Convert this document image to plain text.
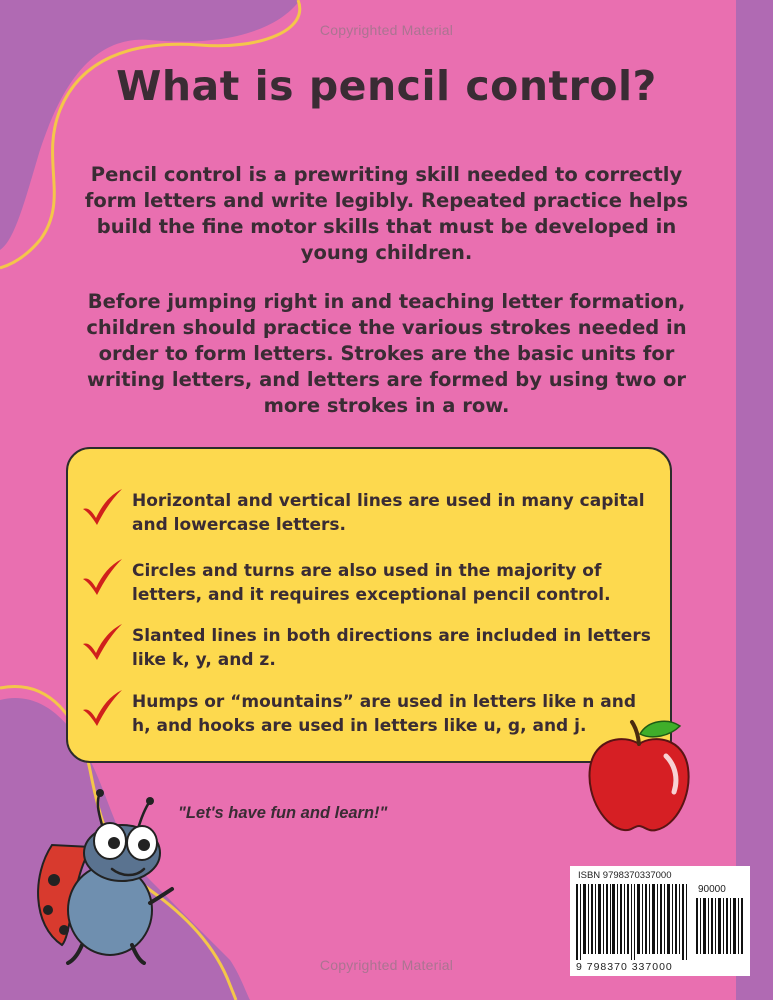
Copyrighted Material
What is pencil control?
Pencil control is a prewriting skill needed to correctly form letters and write legibly. Repeated practice helps build the fine motor skills that must be developed in young children.
Before jumping right in and teaching letter formation, children should practice the various strokes needed in order to form letters. Strokes are the basic units for writing letters, and letters are formed by using two or more strokes in a row.
Horizontal and vertical lines are used in many capital and lowercase letters.
Circles and turns are also used in the majority of letters, and it requires exceptional pencil control.
Slanted lines in both directions are included in letters like k, y, and z.
Humps or “mountains” are used in letters like n and h, and hooks are used in letters like u, g, and j.
"Let's have fun and learn!"
ISBN 9798370337000
90000
9 798370 337000
Copyrighted Material
